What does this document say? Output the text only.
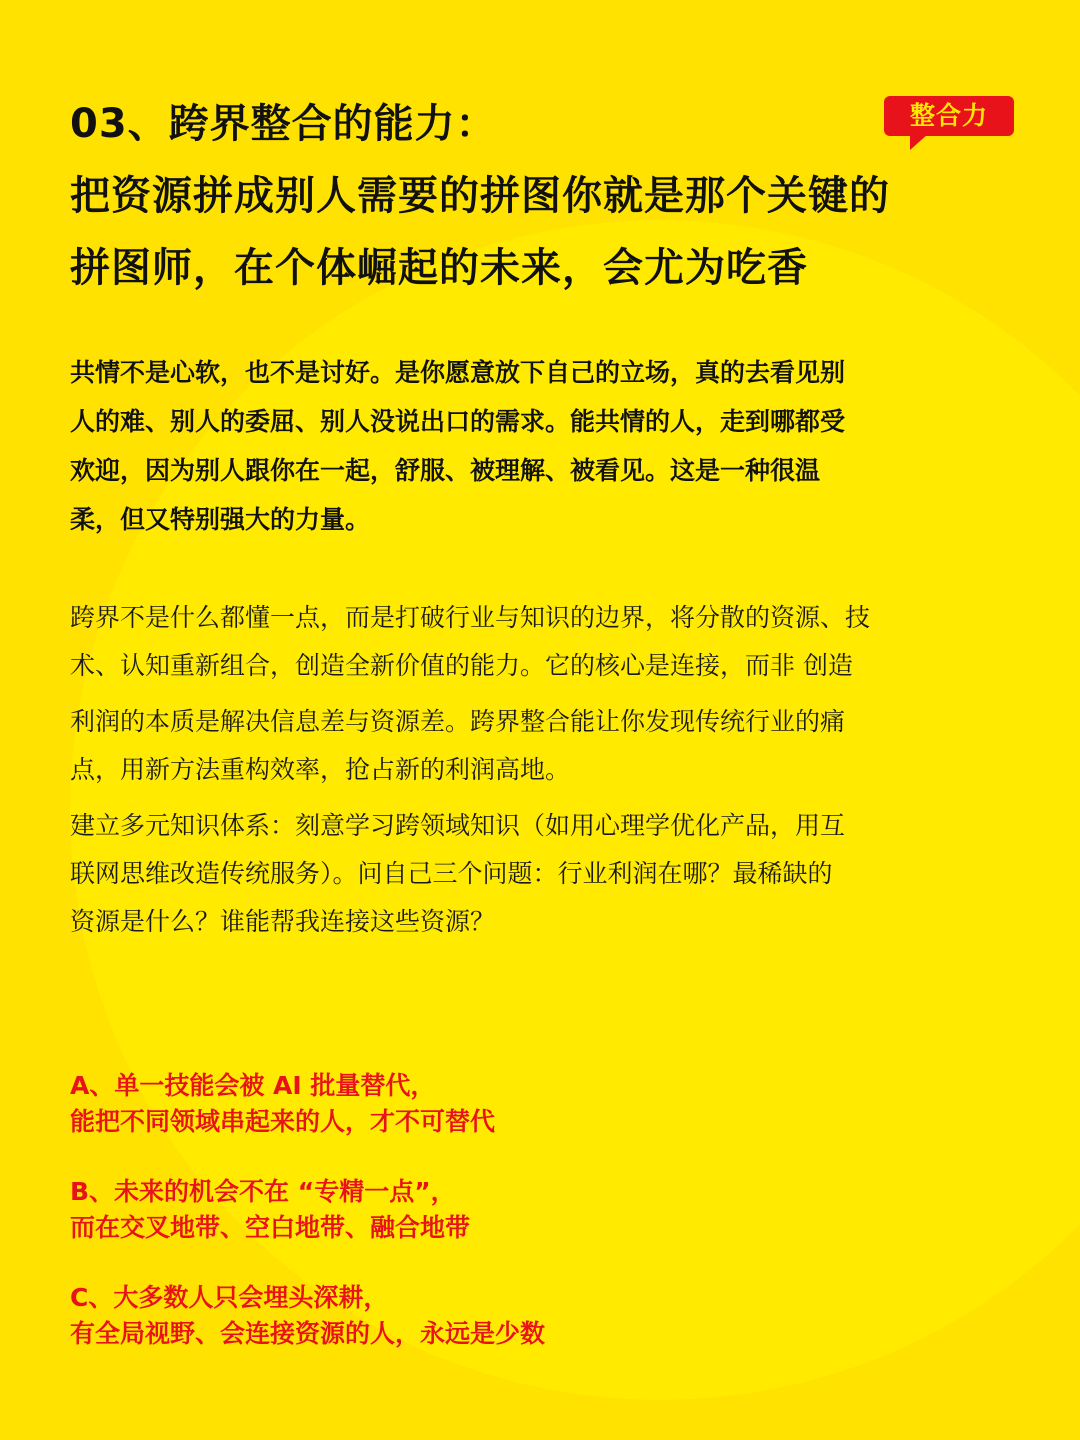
03、跨界整合的能力：
把资源拼成别人需要的拼图你就是那个关键的
拼图师，在个体崛起的未来，会尤为吃香
共情不是心软，也不是讨好。是你愿意放下自己的立场，真的去看见别
人的难、别人的委屈、别人没说出口的需求。能共情的人，走到哪都受
欢迎，因为别人跟你在一起，舒服、被理解、被看见。这是一种很温
柔，但又特别强大的力量。
跨界不是什么都懂一点，而是打破行业与知识的边界，将分散的资源、技
术、认知重新组合，创造全新价值的能力。它的核心是连接，而非 创造
利润的本质是解决信息差与资源差。跨界整合能让你发现传统行业的痛
点，用新方法重构效率，抢占新的利润高地。
建立多元知识体系：刻意学习跨领域知识（如用心理学优化产品，用互
联网思维改造传统服务）。问自己三个问题：行业利润在哪？最稀缺的
资源是什么？谁能帮我连接这些资源？
A、单一技能会被 AI 批量替代，
能把不同领域串起来的人，才不可替代
B、未来的机会不在 “专精一点”，
而在交叉地带、空白地带、融合地带
C、大多数人只会埋头深耕，
有全局视野、会连接资源的人，永远是少数
整合力
